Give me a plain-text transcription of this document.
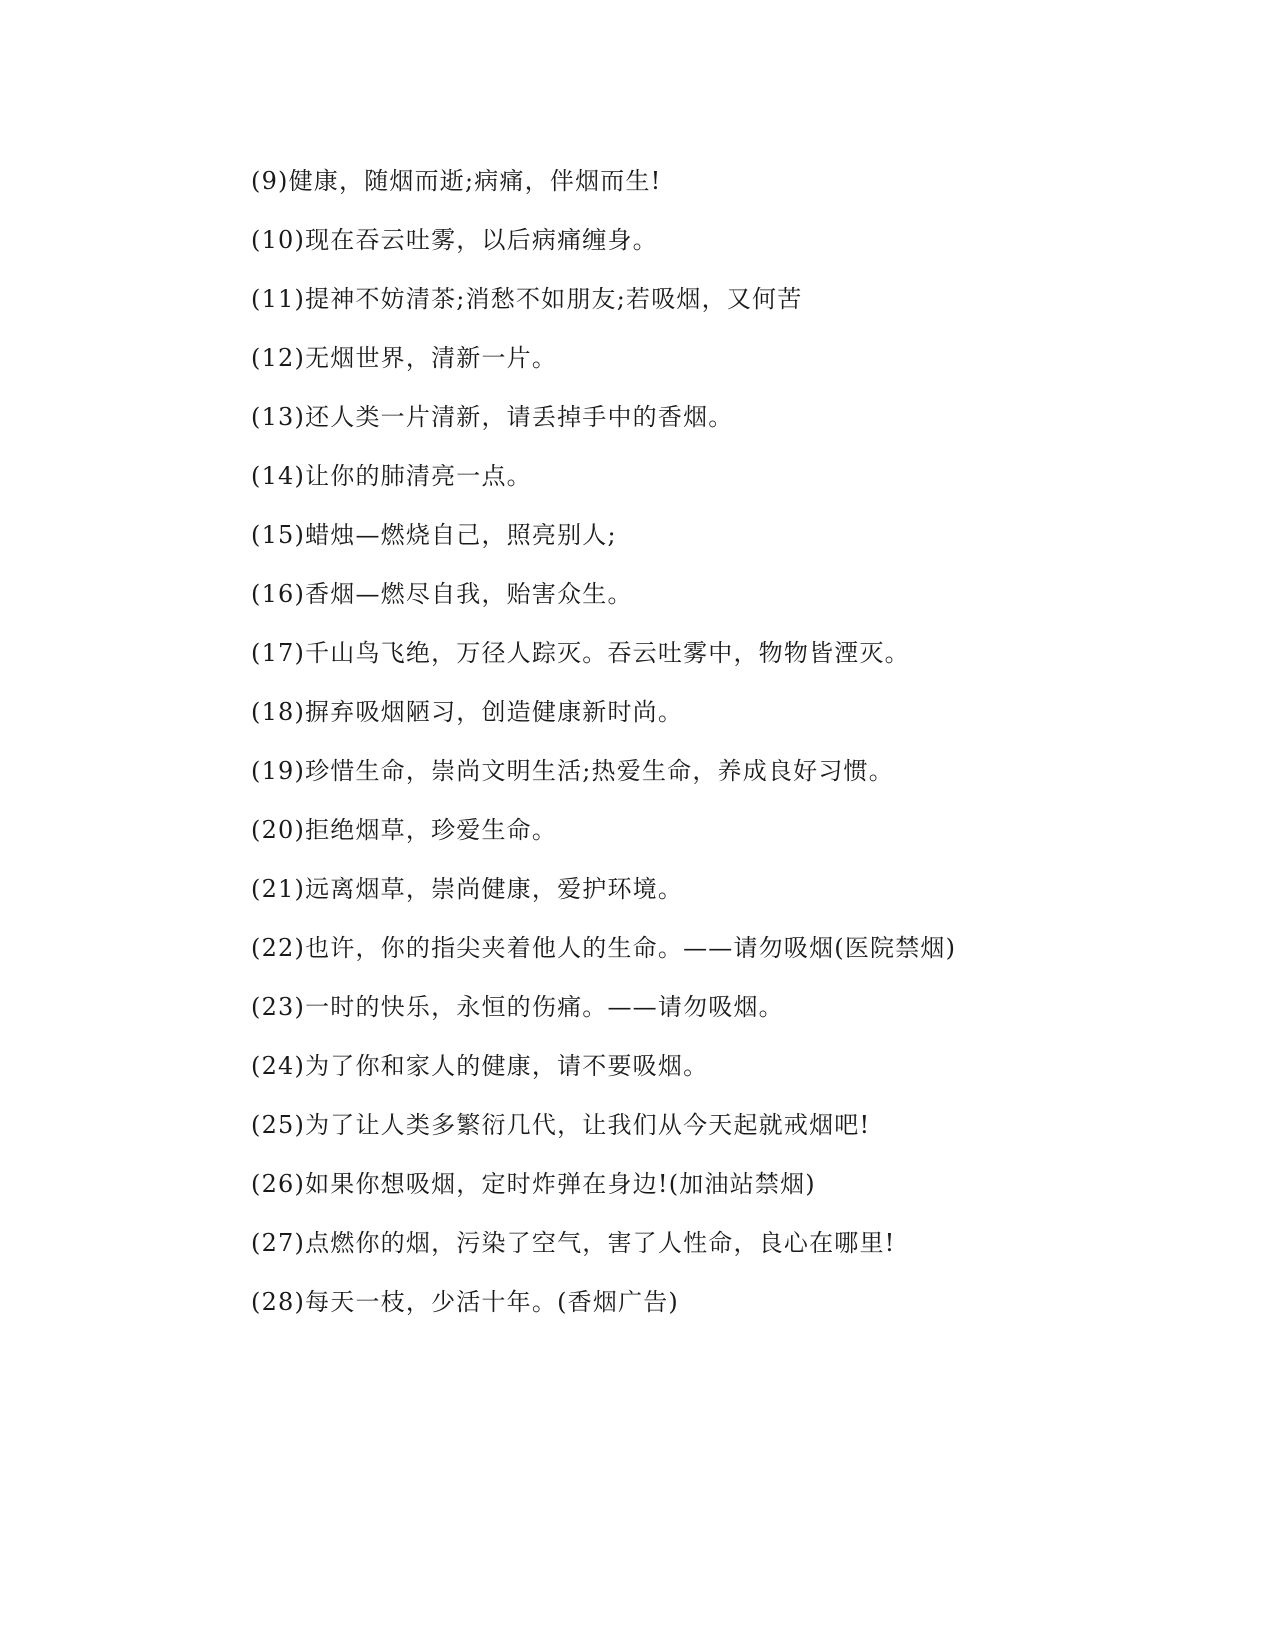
(9)健康，随烟而逝;病痛，伴烟而生!
(10)现在吞云吐雾，以后病痛缠身。
(11)提神不妨清茶;消愁不如朋友;若吸烟，又何苦
(12)无烟世界，清新一片。
(13)还人类一片清新，请丢掉手中的香烟。
(14)让你的肺清亮一点。
(15)蜡烛—燃烧自己，照亮别人;
(16)香烟—燃尽自我，贻害众生。
(17)千山鸟飞绝，万径人踪灭。吞云吐雾中，物物皆湮灭。
(18)摒弃吸烟陋习，创造健康新时尚。
(19)珍惜生命，崇尚文明生活;热爱生命，养成良好习惯。
(20)拒绝烟草，珍爱生命。
(21)远离烟草，崇尚健康，爱护环境。
(22)也许，你的指尖夹着他人的生命。——请勿吸烟(医院禁烟)
(23)一时的快乐，永恒的伤痛。——请勿吸烟。
(24)为了你和家人的健康，请不要吸烟。
(25)为了让人类多繁衍几代，让我们从今天起就戒烟吧!
(26)如果你想吸烟，定时炸弹在身边!(加油站禁烟)
(27)点燃你的烟，污染了空气，害了人性命，良心在哪里!
(28)每天一枝，少活十年。(香烟广告)
